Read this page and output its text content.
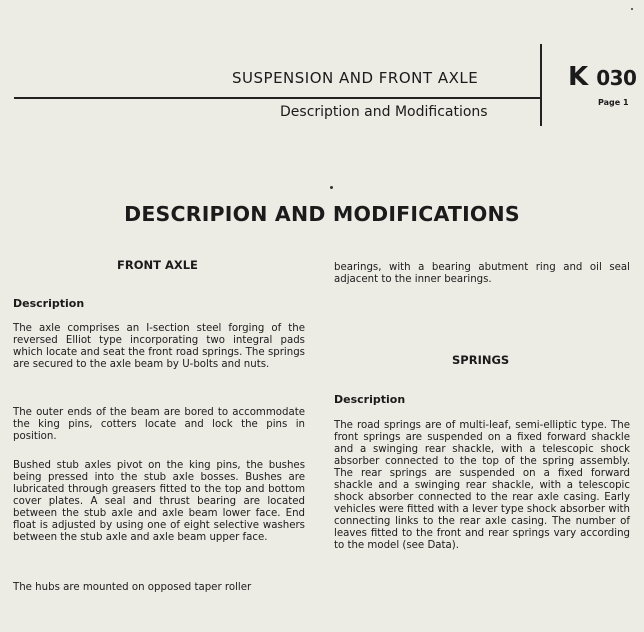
SUSPENSION AND FRONT AXLE
Description and Modifications
K 030
Page 1
DESCRIPION AND MODIFICATIONS
FRONT AXLE
Description

The axle comprises an I-section steel forging of the reversed Elliot type incorporating two integral pads which locate and seat the front road springs. The springs are secured to the axle beam by U-bolts and nuts.

The outer ends of the beam are bored to accommodate the king pins, cotters locate and lock the pins in position.

Bushed stub axles pivot on the king pins, the bushes being pressed into the stub axle bosses. Bushes are lubricated through greasers fitted to the top and bottom cover plates. A seal and thrust bearing are located between the stub axle and axle beam lower face. End float is adjusted by using one of eight selective washers between the stub axle and axle beam upper face.

The hubs are mounted on opposed taper roller

bearings, with a bearing abutment ring and oil seal adjacent to the inner bearings.

SPRINGS
Description

The road springs are of multi-leaf, semi-elliptic type. The front springs are suspended on a fixed forward shackle and a swinging rear shackle, with a telescopic shock absorber connected to the top of the spring assembly. The rear springs are suspended on a fixed forward shackle and a swinging rear shackle, with a telescopic shock absorber connected to the rear axle casing. Early vehicles were fitted with a lever type shock absorber with connecting links to the rear axle casing. The number of leaves fitted to the front and rear springs vary according to the model (see Data).
